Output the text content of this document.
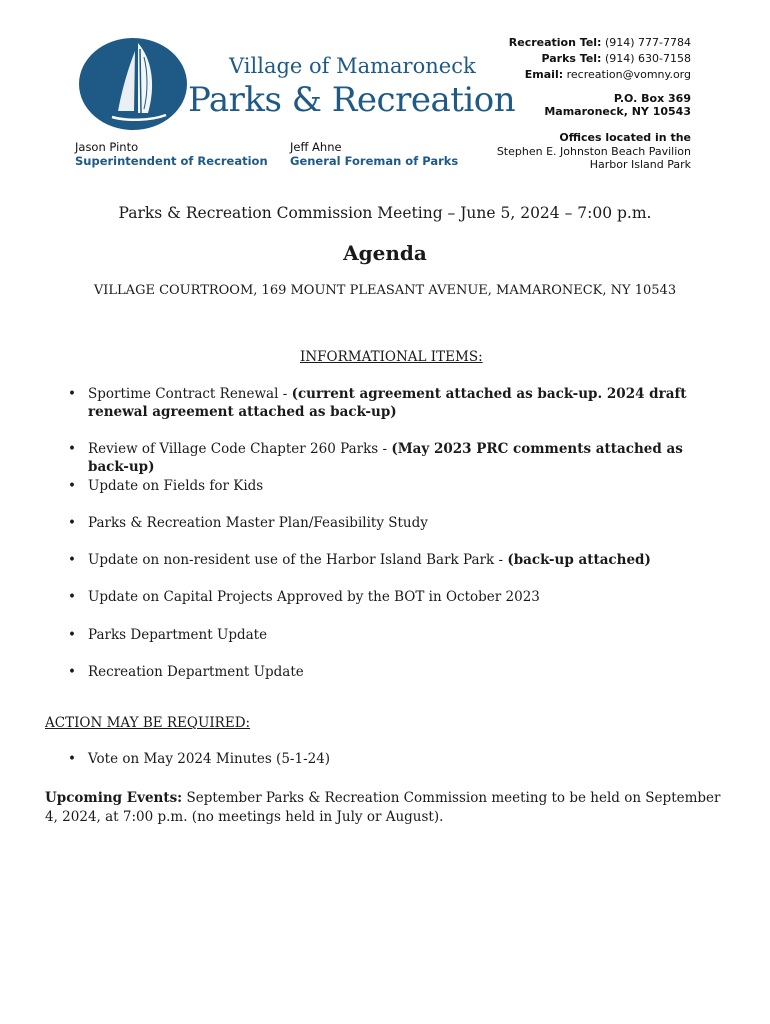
Village of Mamaroneck
Parks & Recreation
Recreation Tel: (914) 777-7784
Parks Tel: (914) 630-7158
Email: recreation@vomny.org
P.O. Box 369
Mamaroneck, NY 10543
Offices located in the
Stephen E. Johnston Beach Pavilion
Harbor Island Park
Jason Pinto
Superintendent of Recreation
Jeff Ahne
General Foreman of Parks
Parks & Recreation Commission Meeting – June 5, 2024 – 7:00 p.m.
Agenda
VILLAGE COURTROOM, 169 MOUNT PLEASANT AVENUE, MAMARONECK, NY 10543
INFORMATIONAL ITEMS:
• Sportime Contract Renewal - (current agreement attached as back-up. 2024 draft renewal agreement attached as back-up)
• Review of Village Code Chapter 260 Parks - (May 2023 PRC comments attached as back-up)
• Update on Fields for Kids
• Parks & Recreation Master Plan/Feasibility Study
• Update on non-resident use of the Harbor Island Bark Park - (back-up attached)
• Update on Capital Projects Approved by the BOT in October 2023
• Parks Department Update
• Recreation Department Update
ACTION MAY BE REQUIRED:
• Vote on May 2024 Minutes (5-1-24)
Upcoming Events: September Parks & Recreation Commission meeting to be held on September 4, 2024, at 7:00 p.m. (no meetings held in July or August).
